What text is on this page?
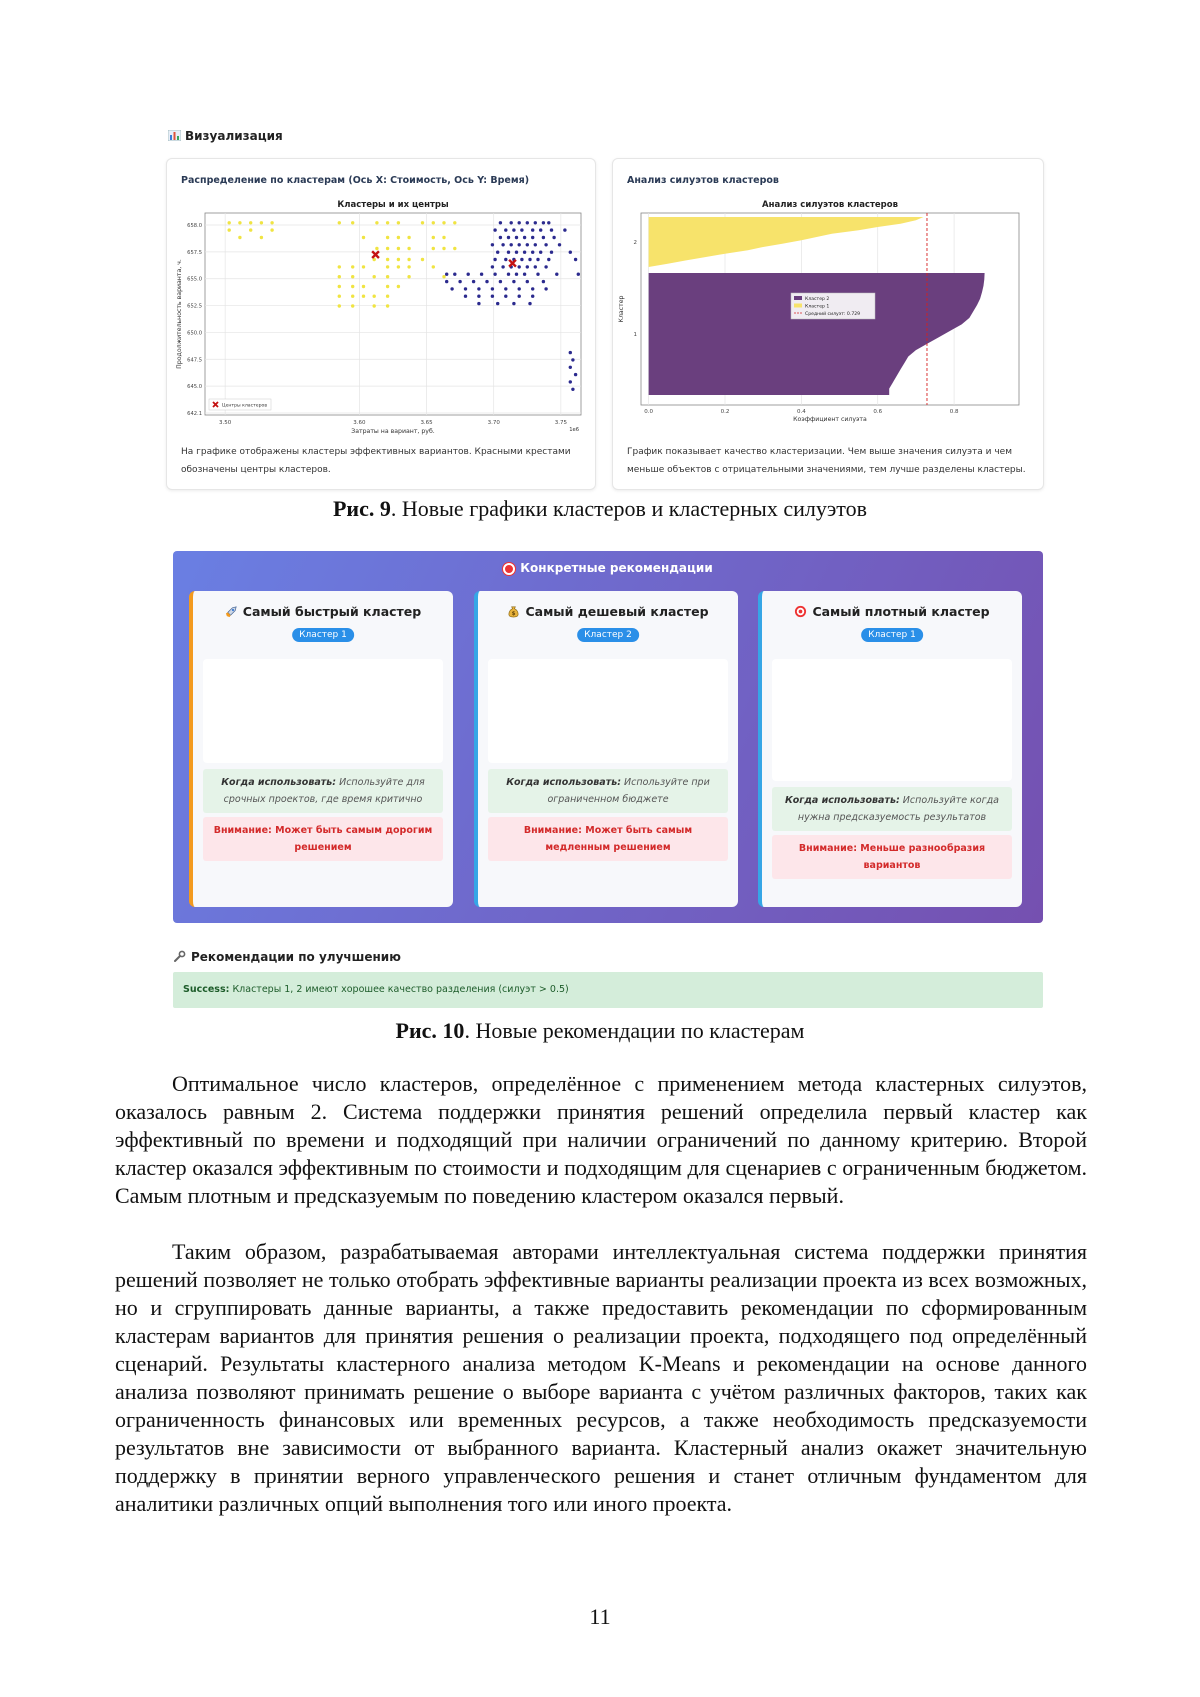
Визуализация
Распределение по кластерам (Ось X: Стоимость, Ось Y: Время)
Кластеры и их центры
3.50	3.60	3.65	3.70	3.75
642.1
645.0
647.5
650.0
652.5
655.0
657.5
658.0
Затраты на вариант, руб.	1e6
Продолжительность варианта, ч.
Центры кластеров
На графике отображены кластеры эффективных вариантов. Красными крестами обозначены центры кластеров.
Анализ силуэтов кластеров
Анализ силуэтов кластеров
0.0	0.2	0.4	0.6	0.8
Коэффициент силуэта
Кластер
2
1
Кластер 2
Кластер 1
Средний силуэт: 0.729
График показывает качество кластеризации. Чем выше значения силуэта и чем меньше объектов с отрицательными значениями, тем лучше разделены кластеры.
Рис. 9. Новые графики кластеров и кластерных силуэтов
Конкретные рекомендации
Самый быстрый кластер
Кластер 1
Когда использовать: Используйте для срочных проектов, где время критично
Внимание: Может быть самым дорогим решением
$ Самый дешевый кластер
Кластер 2
Когда использовать: Используйте при ограниченном бюджете
Внимание: Может быть самым медленным решением
Самый плотный кластер
Кластер 1
Когда использовать: Используйте когда нужна предсказуемость результатов
Внимание: Меньше разнообразия вариантов
Рекомендации по улучшению
Success: Кластеры 1, 2 имеют хорошее качество разделения (силуэт > 0.5)
Рис. 10. Новые рекомендации по кластерам
Оптимальное число кластеров, определённое с применением метода кластерных силуэтов, оказалось равным 2. Система поддержки принятия решений определила первый кластер как эффективный по времени и подходящий при наличии ограничений по данному критерию. Второй кластер оказался эффективным по стоимости и подходящим для сценариев с ограниченным бюджетом. Самым плотным и предсказуемым по поведению кластером оказался первый.
Таким образом, разрабатываемая авторами интеллектуальная система поддержки принятия решений позволяет не только отобрать эффективные варианты реализации проекта из всех возможных, но и сгруппировать данные варианты, а также предоставить рекомендации по сформированным кластерам вариантов для принятия решения о реализации проекта, подходящего под определённый сценарий. Результаты кластерного анализа методом K-Means и рекомендации на основе данного анализа позволяют принимать решение о выборе варианта с учётом различных факторов, таких как ограниченность финансовых или временных ресурсов, а также необходимость предсказуемости результатов вне зависимости от выбранного варианта. Кластерный анализ окажет значительную поддержку в принятии верного управленческого решения и станет отличным фундаментом для аналитики различных опций выполнения того или иного проекта.
11
